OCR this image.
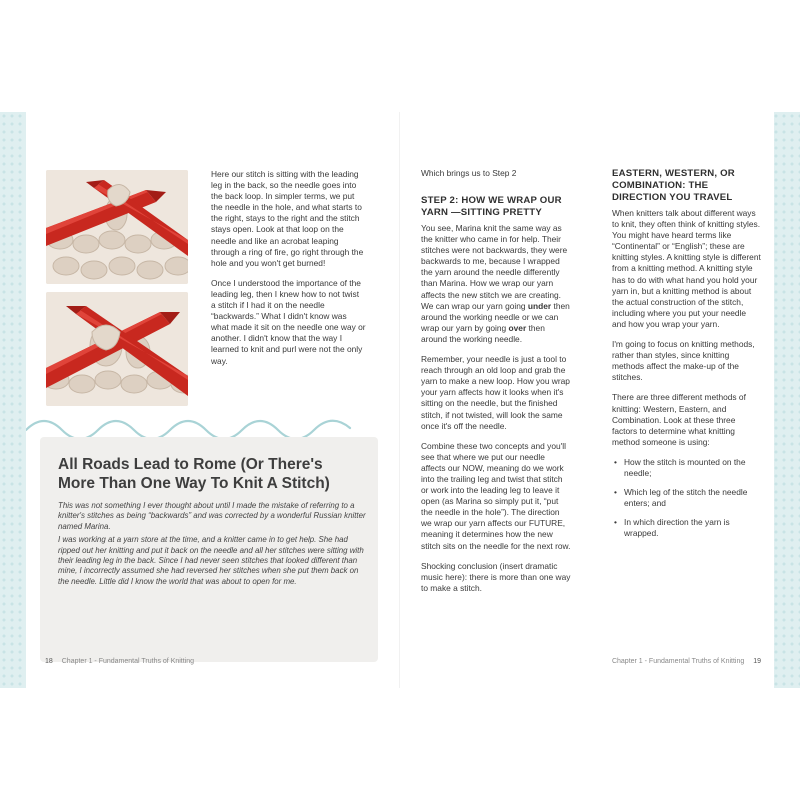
Here our stitch is sitting with the leading leg in the back, so the needle goes into the back loop. In simpler terms, we put the needle in the hole, and what starts to the right, stays to the right and the stitch stays open. Look at that loop on the needle and like an acrobat leaping through a ring of fire, go right through the hole and you won't get burned!

Once I understood the importance of the leading leg, then I knew how to not twist a stitch if I had it on the needle “backwards.” What I didn't know was what made it sit on the needle one way or another. I didn't know that the way I learned to knit and purl were not the only way.

All Roads Lead to Rome (Or There's More Than One Way To Knit A Stitch)

This was not something I ever thought about until I made the mistake of referring to a knitter's stitches as being “backwards” and was corrected by a wonderful Russian knitter named Marina.

I was working at a yarn store at the time, and a knitter came in to get help. She had ripped out her knitting and put it back on the needle and all her stitches were sitting with their leading leg in the back. Since I had never seen stitches that looked different than mine, I incorrectly assumed she had reversed her stitches when she put them back on the needle. Little did I know the world that was about to open for me.

18 Chapter 1 - Fundamental Truths of Knitting

Which brings us to Step 2

STEP 2: HOW WE WRAP OUR YARN —SITTING PRETTY

You see, Marina knit the same way as the knitter who came in for help. Their stitches were not backwards, they were backwards to me, because I wrapped the yarn around the needle differently than Marina. How we wrap our yarn affects the new stitch we are creating. We can wrap our yarn going under then around the working needle or we can wrap our yarn by going over then around the working needle.

Remember, your needle is just a tool to reach through an old loop and grab the yarn to make a new loop. How you wrap your yarn affects how it looks when it's sitting on the needle, but the finished stitch, if not twisted, will look the same once it's off the needle.

Combine these two concepts and you'll see that where we put our needle affects our NOW, meaning do we work into the trailing leg and twist that stitch or work into the leading leg to leave it open (as Marina so simply put it, “put the needle in the hole”). The direction we wrap our yarn affects our FUTURE, meaning it determines how the new stitch sits on the needle for the next row.

Shocking conclusion (insert dramatic music here): there is more than one way to make a stitch.

EASTERN, WESTERN, OR COMBINATION: THE DIRECTION YOU TRAVEL

When knitters talk about different ways to knit, they often think of knitting styles. You might have heard terms like “Continental” or “English”; these are knitting styles. A knitting style is different from a knitting method. A knitting style has to do with what hand you hold your yarn in, but a knitting method is about the actual construction of the stitch, including where you put your needle and how you wrap your yarn.

I'm going to focus on knitting methods, rather than styles, since knitting methods affect the make-up of the stitches.

There are three different methods of knitting: Western, Eastern, and Combination. Look at these three factors to determine what knitting method someone is using:

• How the stitch is mounted on the needle;
• Which leg of the stitch the needle enters; and
• In which direction the yarn is wrapped.
Chapter 1 - Fundamental Truths of Knitting 19
